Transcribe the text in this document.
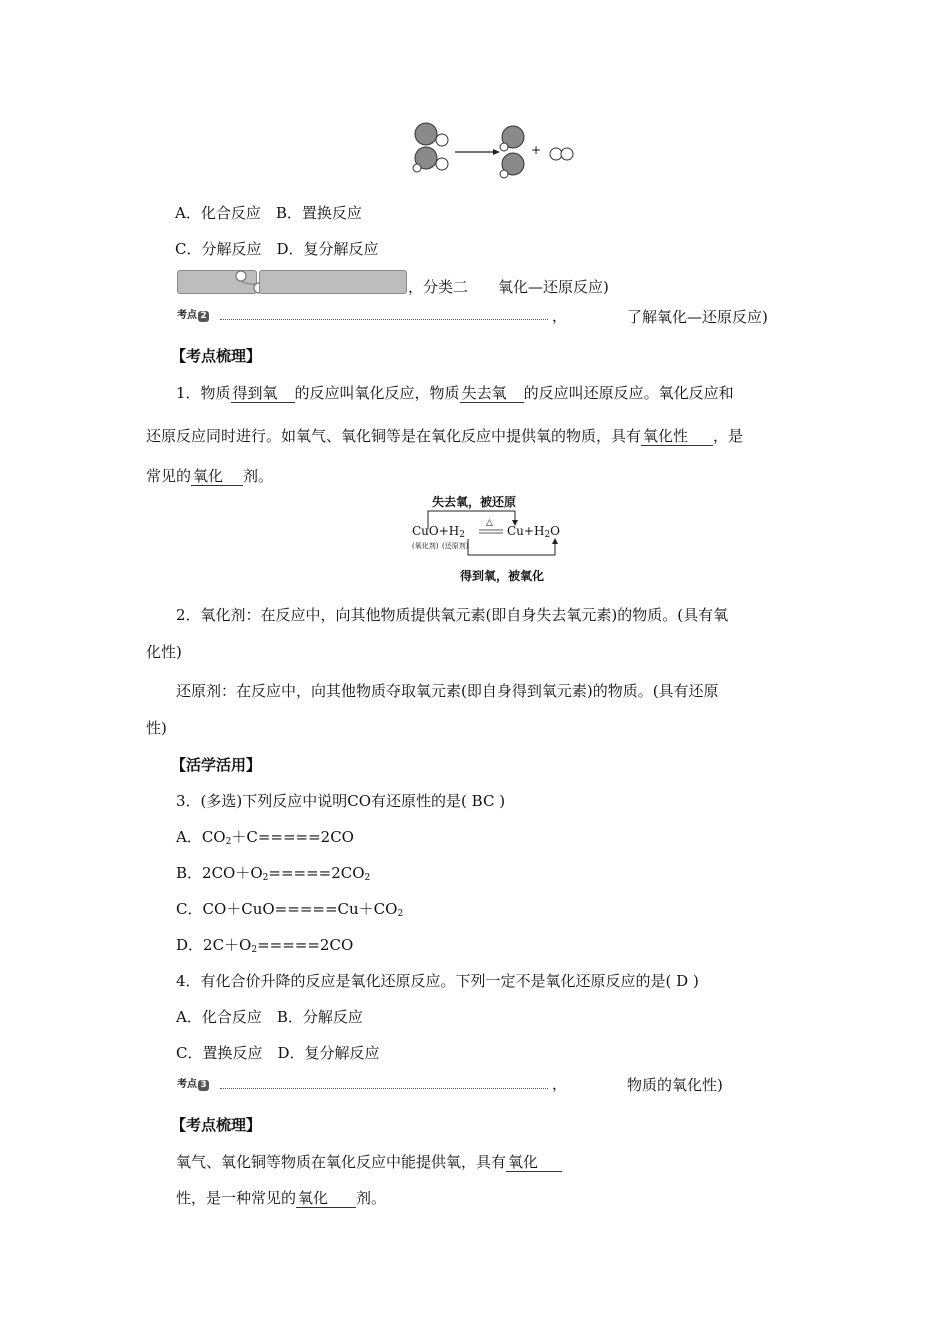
+
A．化合反应　B．置换反应
C．分解反应　D．复分解反应
，分类二　　氧化—还原反应)
考点 2	，	了解氧化—还原反应)
【考点梳理】
1．物质 得到氧 的反应叫氧化反应，物质 失去氧 的反应叫还原反应。氧化反应和
还原反应同时进行。如氧气、氧化铜等是在氧化反应中提供氧的物质，具有 氧化性 ，是
常见的 氧化 剂。
失去氧，被还原
△
$CuO+H_2$	$Cu+H_2O$
(氧化剂) (还原剂)
得到氧，被氧化
2．氧化剂：在反应中，向其他物质提供氧元素(即自身失去氧元素)的物质。(具有氧
化性)
还原剂：在反应中，向其他物质夺取氧元素(即自身得到氧元素)的物质。(具有还原
性)
【活学活用】
3．(多选)下列反应中说明CO有还原性的是( BC )
A．$CO_2+C=====2CO$
B．$2CO+O_2=====2CO_2$
C．$CO+CuO=====Cu+CO_2$
D．$2C+O_2=====2CO$
4．有化合价升降的反应是氧化还原反应。下列一定不是氧化还原反应的是( D )
A．化合反应　B．分解反应
C．置换反应　D．复分解反应
考点 3	，	物质的氧化性)
【考点梳理】
氧气、氧化铜等物质在氧化反应中能提供氧，具有 氧化
性，是一种常见的 氧化 剂。
